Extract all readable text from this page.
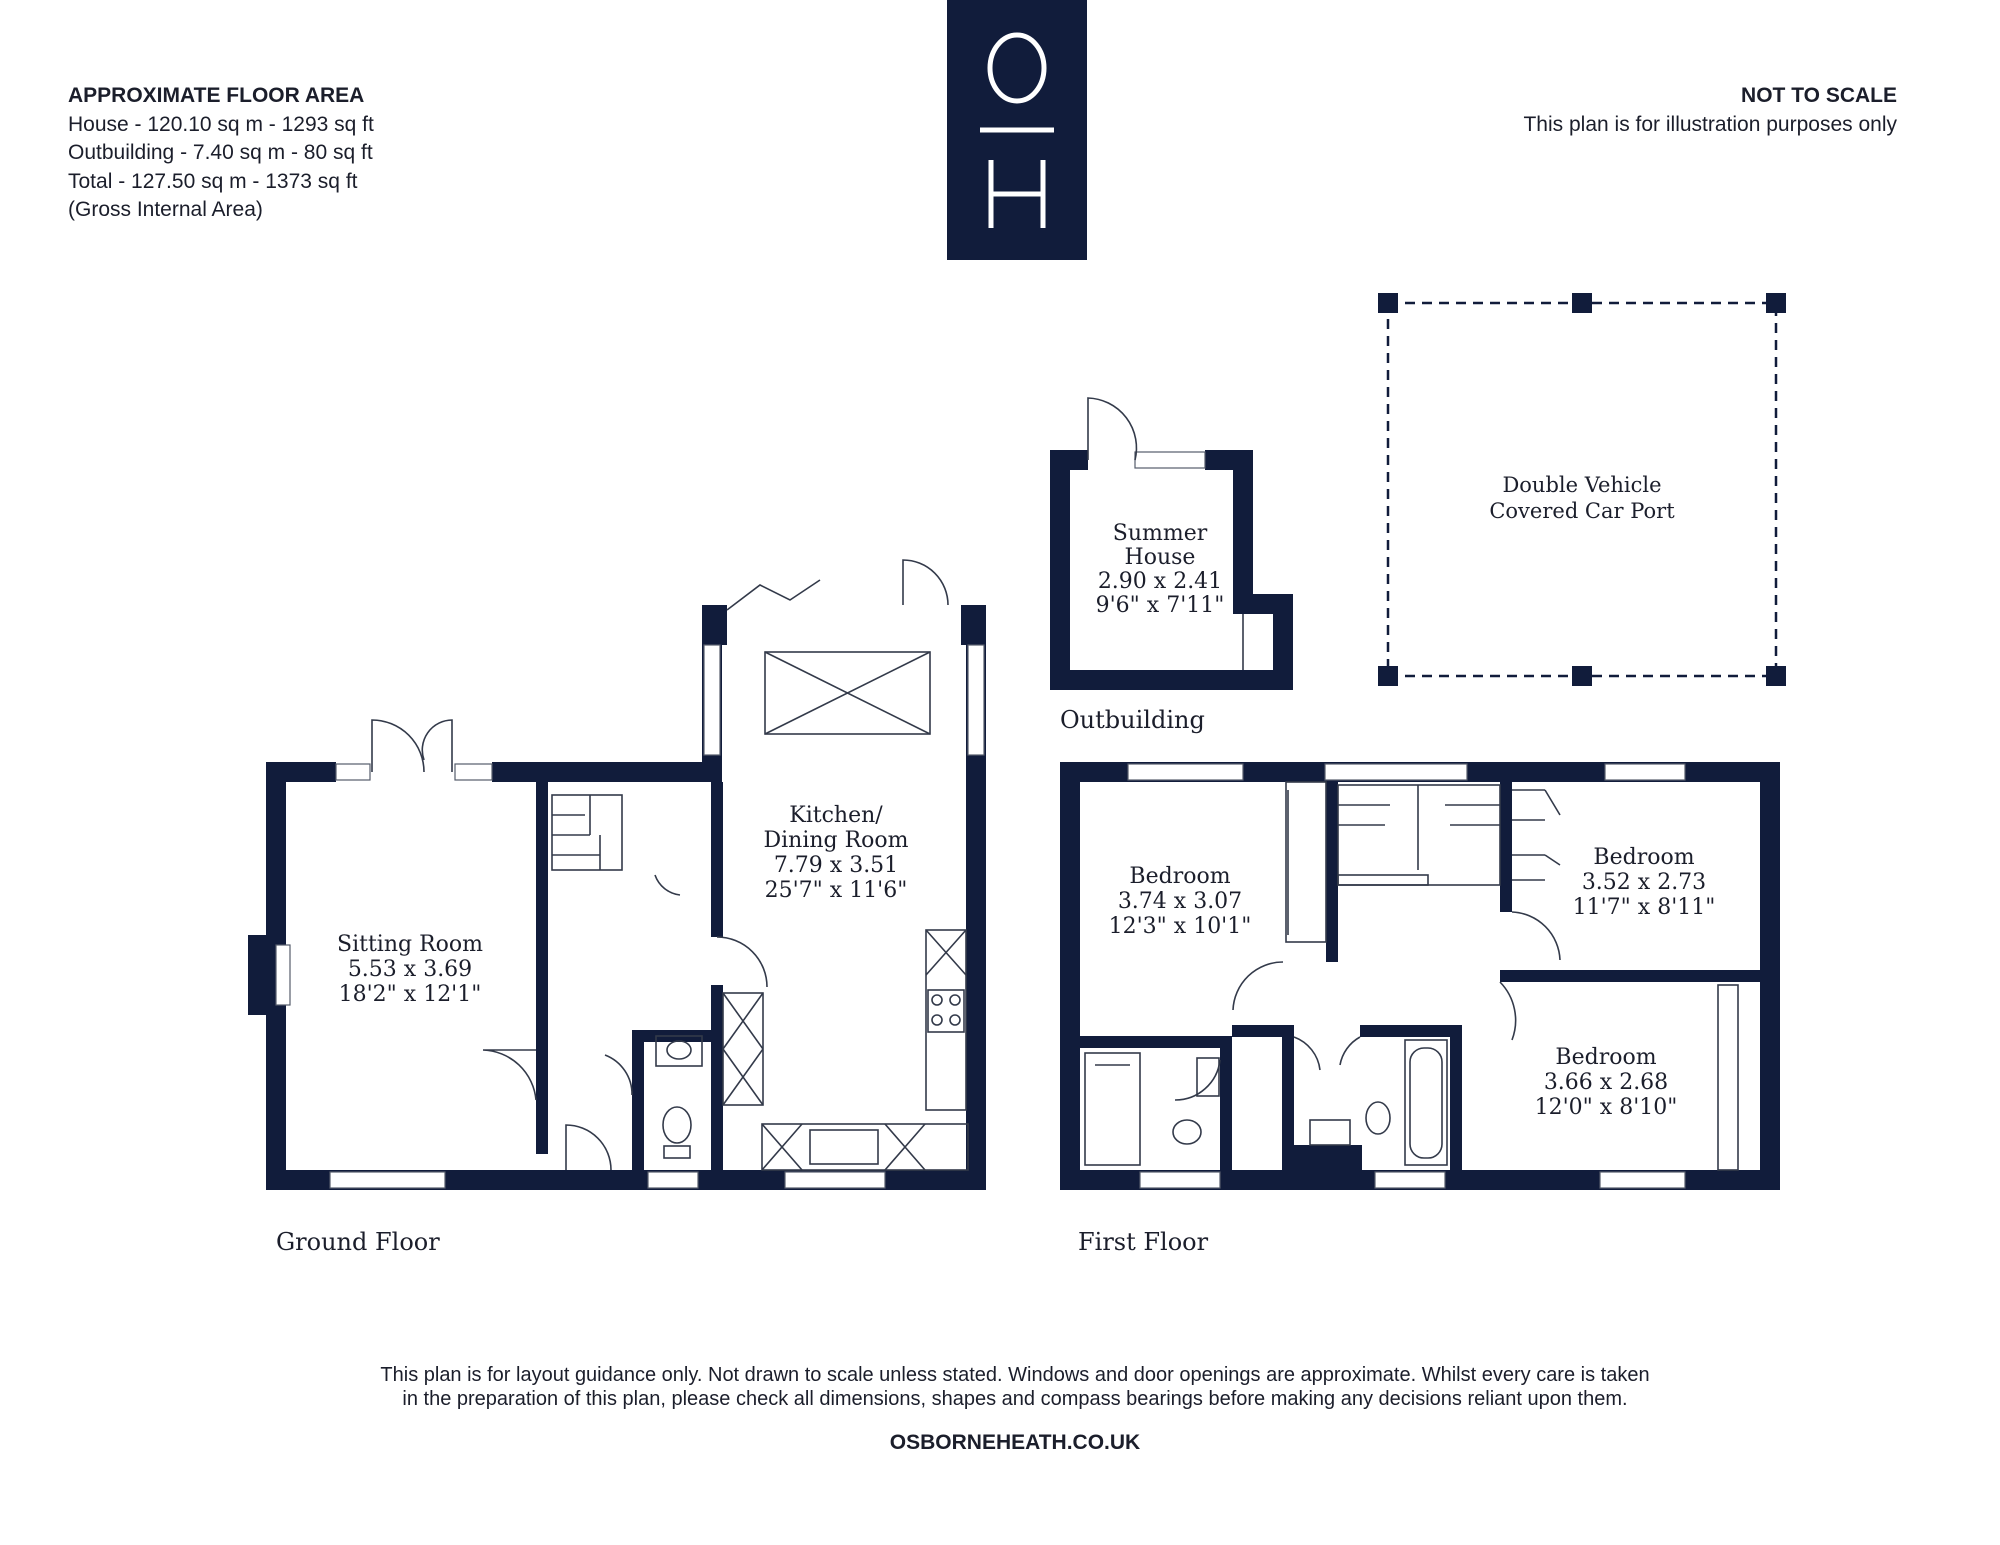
APPROXIMATE FLOOR AREA
House - 120.10 sq m - 1293 sq ft
Outbuilding - 7.40 sq m - 80 sq ft
Total - 127.50 sq m - 1373 sq ft
(Gross Internal Area)
NOT TO SCALE
This plan is for illustration purposes only
Sitting Room
5.53 x 3.69
18'2" x 12'1"
Kitchen/
Dining Room
7.79 x 3.51
25'7" x 11'6"
Ground Floor
Summer
House
2.90 x 2.41
9'6" x 7'11"
Outbuilding
Double Vehicle
Covered Car Port
Bedroom
3.74 x 3.07
12'3" x 10'1"
Bedroom
3.52 x 2.73
11'7" x 8'11"
Bedroom
3.66 x 2.68
12'0" x 8'10"
First Floor
This plan is for layout guidance only. Not drawn to scale unless stated. Windows and door openings are approximate. Whilst every care is taken
in the preparation of this plan, please check all dimensions, shapes and compass bearings before making any decisions reliant upon them.
OSBORNEHEATH.CO.UK
